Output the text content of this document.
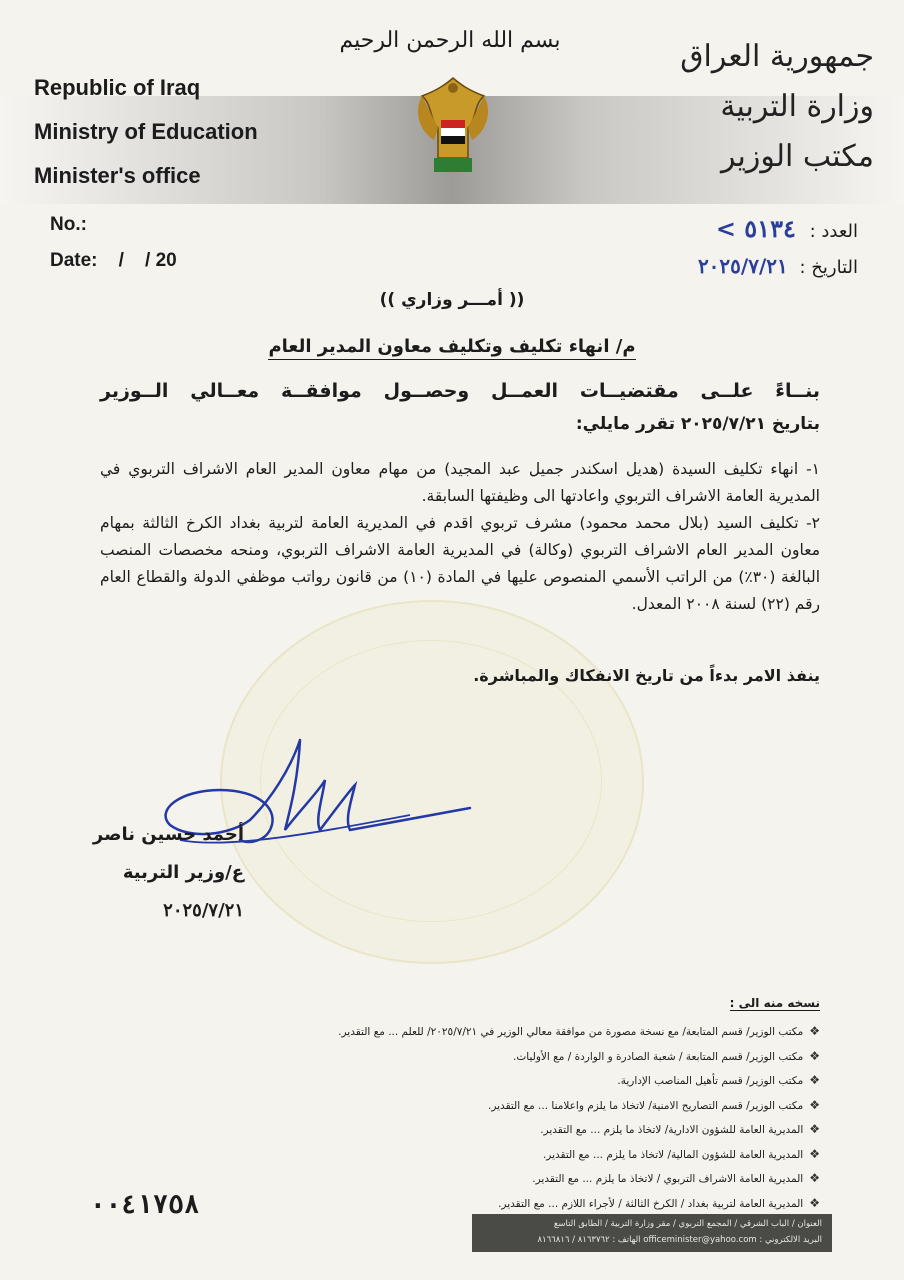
بسم الله الرحمن الرحيم
Republic of Iraq
Ministry of Education
Minister's office
جمهورية العراق
وزارة التربية
مكتب الوزير
No.:
Date:    /    / 20
العدد : ٥١٣٤ >
التاريخ : ٢٠٢٥/٧/٢١
(( أمـــر وزاري ))
م/ انهاء تكليف وتكليف معاون المدير العام
بنــاءً علــى مقتضيــات العمــل وحصــول موافقــة معــالي الــوزير
بتاريخ ٢٠٢٥/٧/٢١ تقرر مايلي:
١- انهاء تكليف السيدة (هديل اسكندر جميل عبد المجيد) من مهام معاون المدير العام الاشراف التربوي في المديرية العامة الاشراف التربوي واعادتها الى وظيفتها السابقة.
٢- تكليف السيد (بلال محمد محمود) مشرف تربوي اقدم في المديرية العامة لتربية بغداد الكرخ الثالثة بمهام معاون المدير العام الاشراف التربوي (وكالة) في المديرية العامة الاشراف التربوي، ومنحه مخصصات المنصب البالغة (٣٠٪) من الراتب الأسمي المنصوص عليها في المادة (١٠) من قانون رواتب موظفي الدولة والقطاع العام رقم (٢٢) لسنة ٢٠٠٨ المعدل.
ينفذ الامر بدءاً من تاريخ الانفكاك والمباشرة.
أحمد حسين ناصر
ع/وزير التربية
٢٠٢٥/٧/٢١
نسخه منه الى :
❖مكتب الوزير/ قسم المتابعة/ مع نسخة مصورة من موافقة معالي الوزير في ٢٠٢٥/٧/٢١/ للعلم ... مع التقدير.
❖مكتب الوزير/ قسم المتابعة / شعبة الصادرة و الواردة / مع الأوليات.
❖مكتب الوزير/ قسم تأهيل المناصب الإدارية.
❖مكتب الوزير/ قسم التصاريح الامنية/ لاتخاذ ما يلزم واعلامنا ... مع التقدير.
❖المديرية العامة للشؤون الادارية/ لاتخاذ ما يلزم ... مع التقدير.
❖المديرية العامة للشؤون المالية/ لاتخاذ ما يلزم ... مع التقدير.
❖المديرية العامة الاشراف التربوي / لاتخاذ ما يلزم ... مع التقدير.
❖المديرية العامة لتربية بغداد / الكرخ الثالثة / لأجراء اللازم ... مع التقدير.
٠٠٤١٧٥٨
العنوان / الباب الشرقي / المجمع التربوي / مقر وزارة التربية / الطابق التاسع
البريد الالكتروني : officeminister@yahoo.com الهاتف : ٨١٦٣٧٦٢ / ٨١٦٦٨١٦
